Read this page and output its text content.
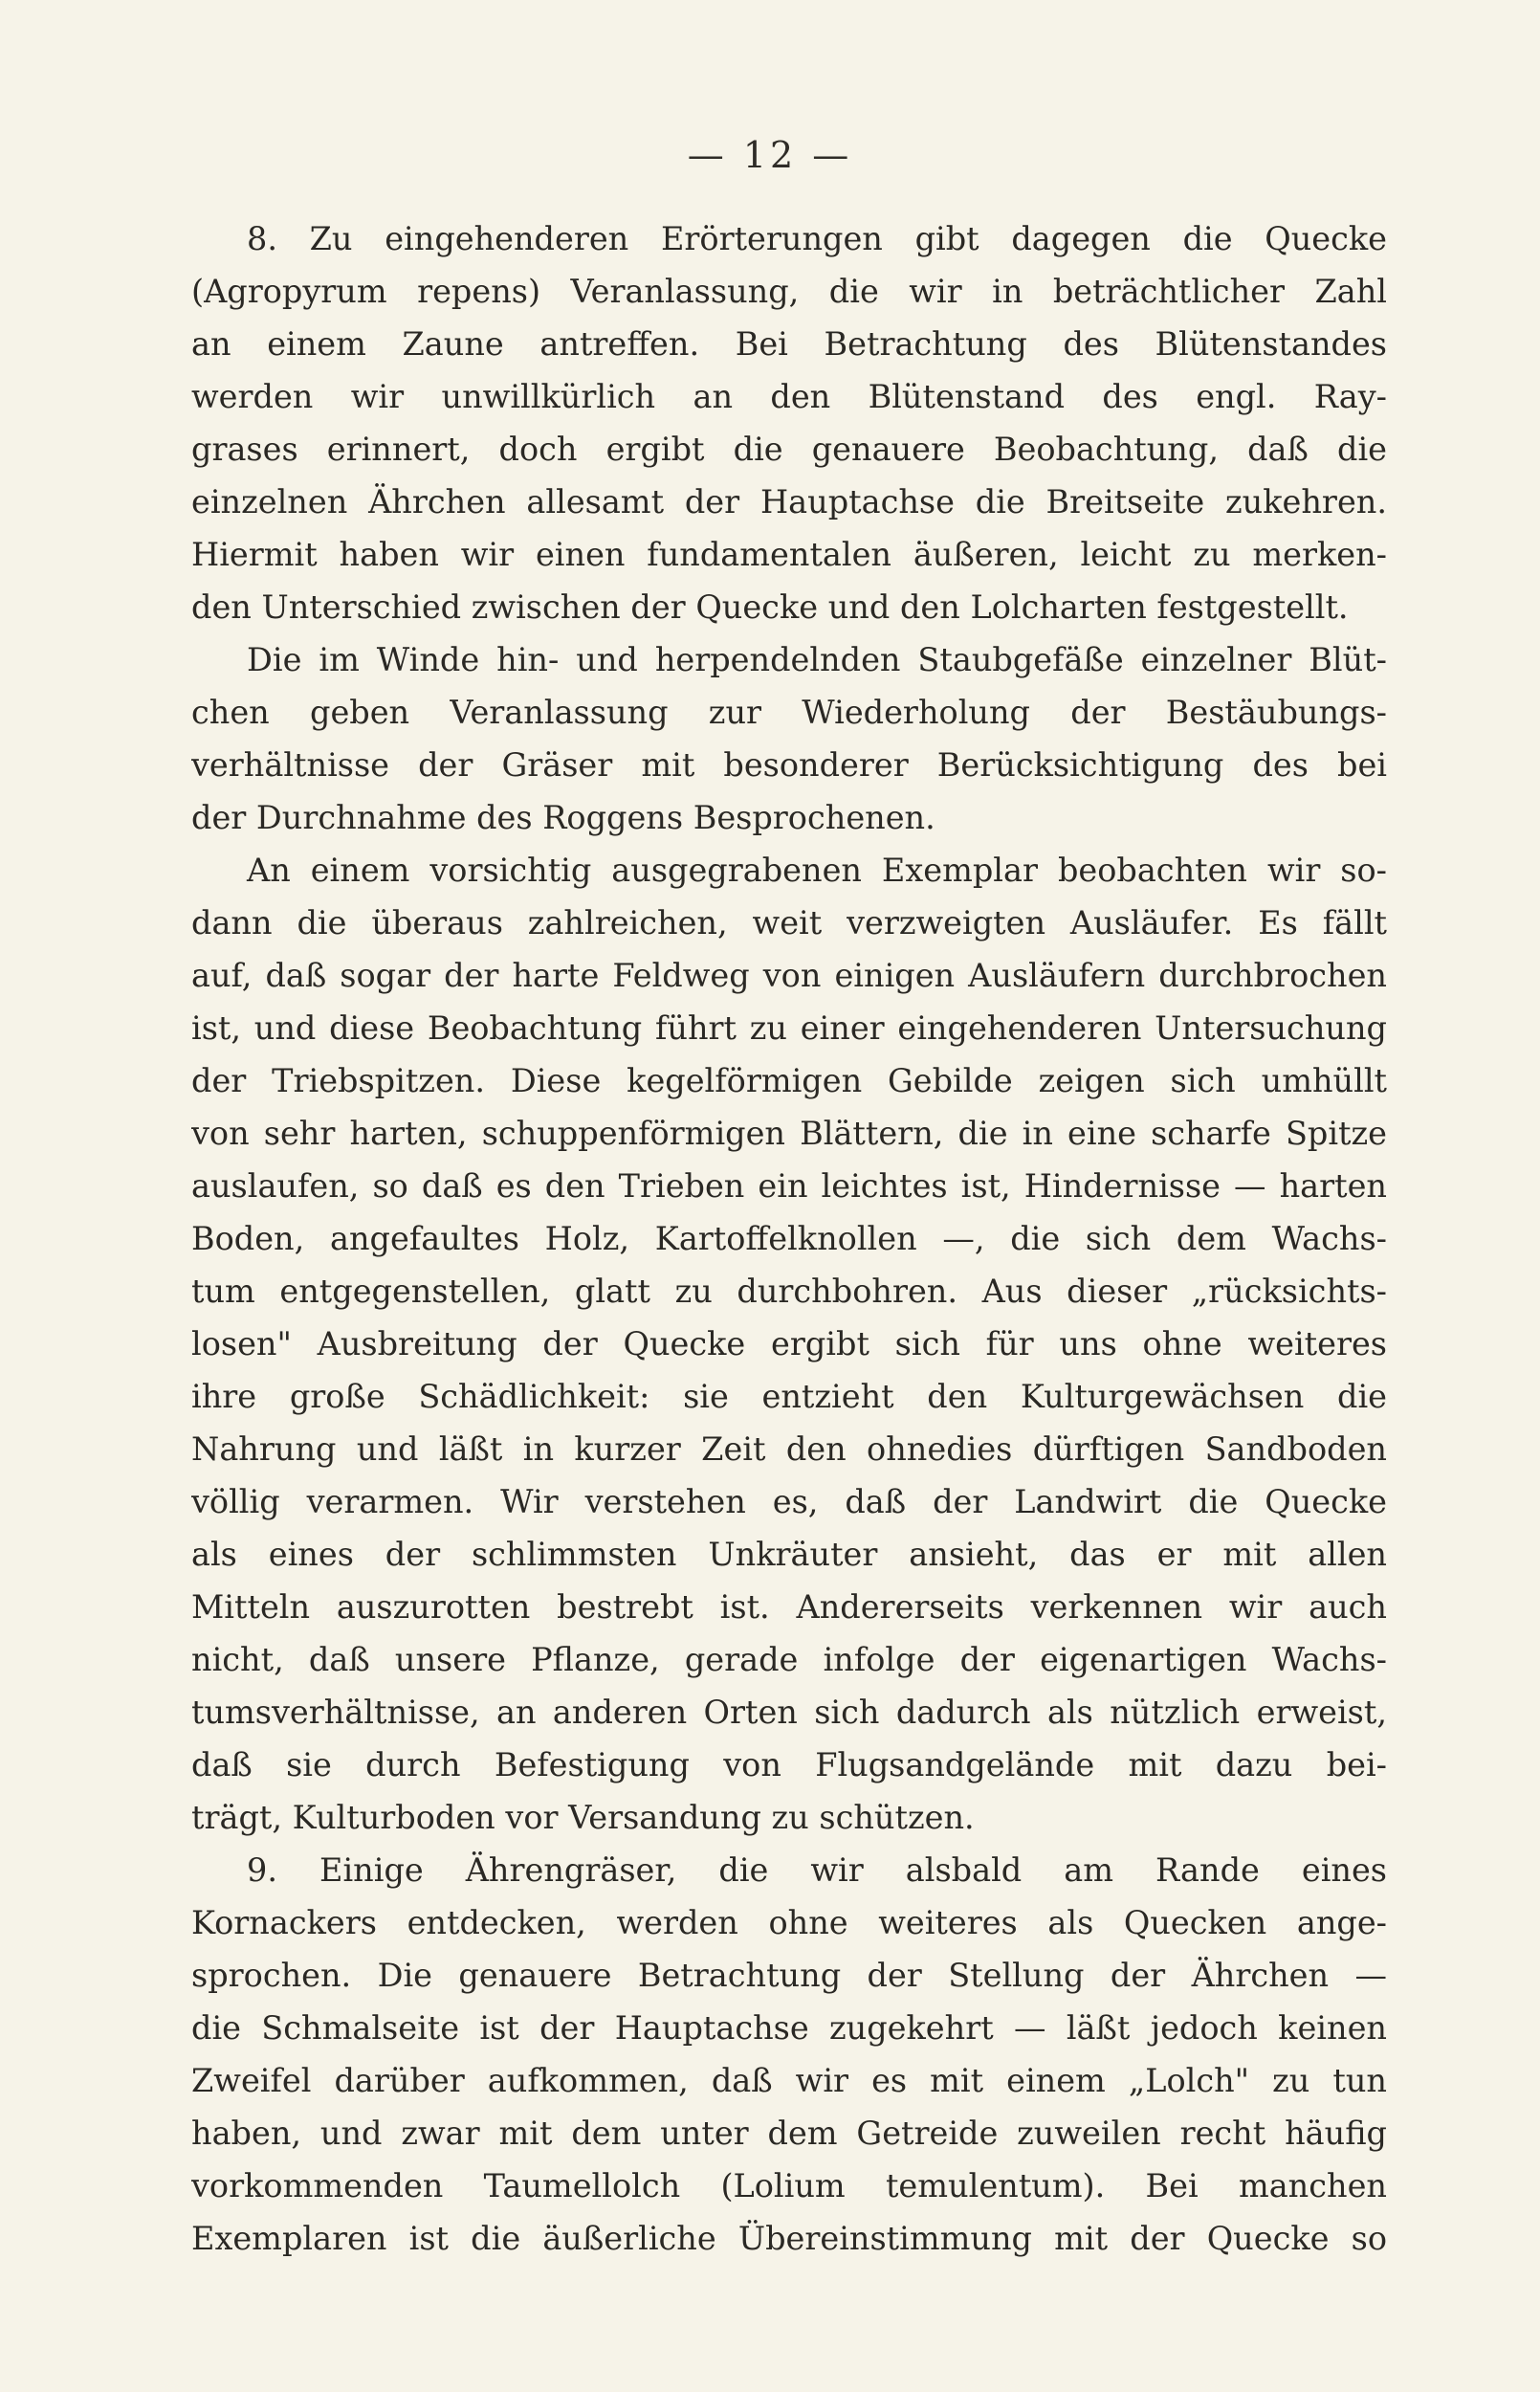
— 12 —
8. Zu eingehenderen Erörterungen gibt dagegen die Quecke
(Agropyrum repens) Veranlassung, die wir in beträchtlicher Zahl
an einem Zaune antreffen. Bei Betrachtung des Blütenstandes
werden wir unwillkürlich an den Blütenstand des engl. Ray-
grases erinnert, doch ergibt die genauere Beobachtung, daß die
einzelnen Ährchen allesamt der Hauptachse die Breitseite zukehren.
Hiermit haben wir einen fundamentalen äußeren, leicht zu merken-
den Unterschied zwischen der Quecke und den Lolcharten festgestellt.
Die im Winde hin- und herpendelnden Staubgefäße einzelner Blüt-
chen geben Veranlassung zur Wiederholung der Bestäubungs-
verhältnisse der Gräser mit besonderer Berücksichtigung des bei
der Durchnahme des Roggens Besprochenen.
An einem vorsichtig ausgegrabenen Exemplar beobachten wir so-
dann die überaus zahlreichen, weit verzweigten Ausläufer. Es fällt
auf, daß sogar der harte Feldweg von einigen Ausläufern durchbrochen
ist, und diese Beobachtung führt zu einer eingehenderen Untersuchung
der Triebspitzen. Diese kegelförmigen Gebilde zeigen sich umhüllt
von sehr harten, schuppenförmigen Blättern, die in eine scharfe Spitze
auslaufen, so daß es den Trieben ein leichtes ist, Hindernisse — harten
Boden, angefaultes Holz, Kartoffelknollen —, die sich dem Wachs-
tum entgegenstellen, glatt zu durchbohren. Aus dieser „rücksichts-
losen" Ausbreitung der Quecke ergibt sich für uns ohne weiteres
ihre große Schädlichkeit: sie entzieht den Kulturgewächsen die
Nahrung und läßt in kurzer Zeit den ohnedies dürftigen Sandboden
völlig verarmen. Wir verstehen es, daß der Landwirt die Quecke
als eines der schlimmsten Unkräuter ansieht, das er mit allen
Mitteln auszurotten bestrebt ist. Andererseits verkennen wir auch
nicht, daß unsere Pflanze, gerade infolge der eigenartigen Wachs-
tumsverhältnisse, an anderen Orten sich dadurch als nützlich erweist,
daß sie durch Befestigung von Flugsandgelände mit dazu bei-
trägt, Kulturboden vor Versandung zu schützen.
9. Einige Ährengräser, die wir alsbald am Rande eines
Kornackers entdecken, werden ohne weiteres als Quecken ange-
sprochen. Die genauere Betrachtung der Stellung der Ährchen —
die Schmalseite ist der Hauptachse zugekehrt — läßt jedoch keinen
Zweifel darüber aufkommen, daß wir es mit einem „Lolch" zu tun
haben, und zwar mit dem unter dem Getreide zuweilen recht häufig
vorkommenden Taumellolch (Lolium temulentum). Bei manchen
Exemplaren ist die äußerliche Übereinstimmung mit der Quecke so
